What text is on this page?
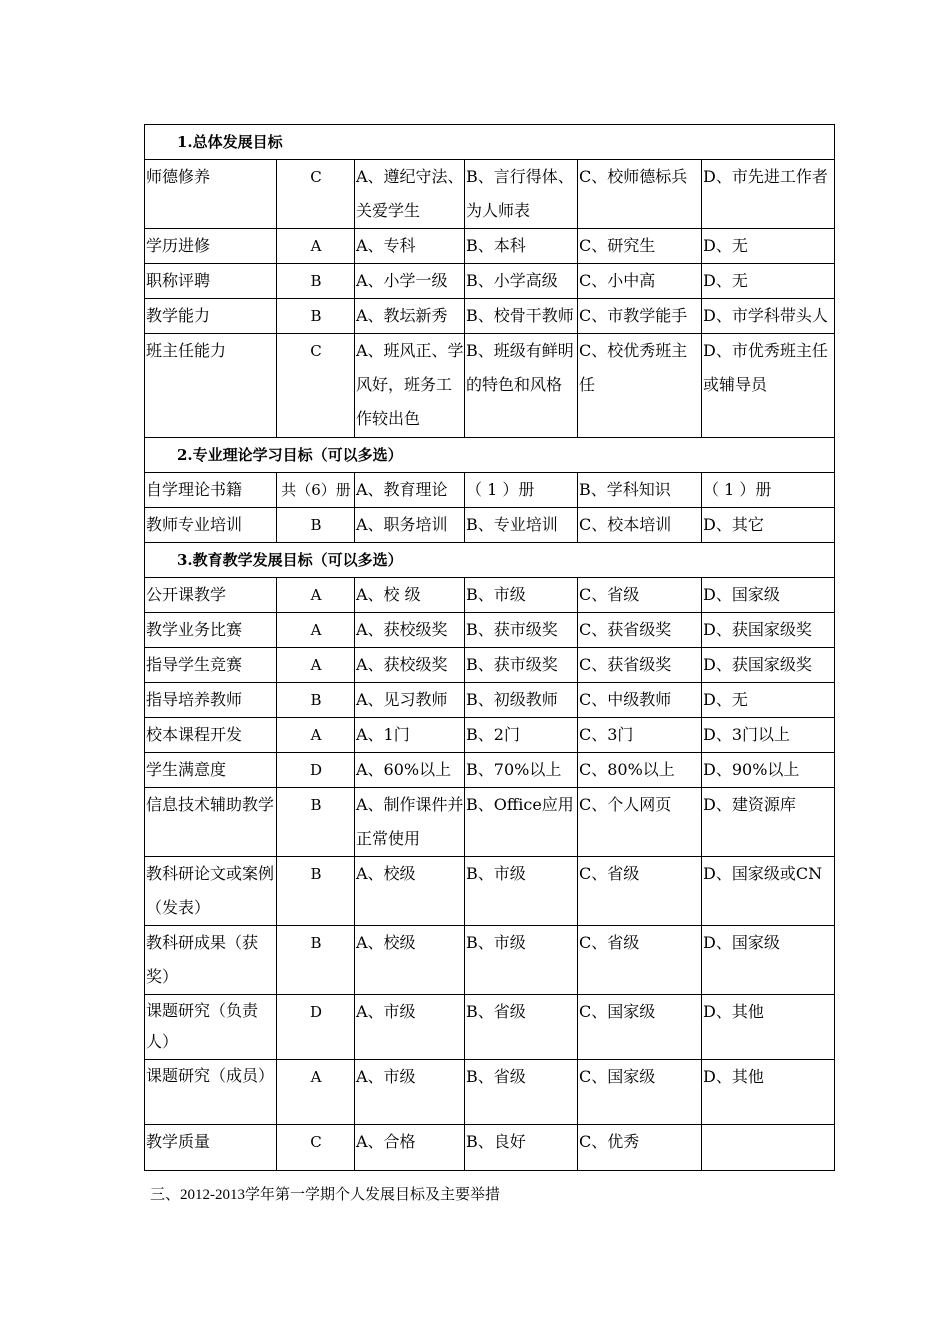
1.总体发展目标					
师德修养	C	A、遵纪守法、关爱学生	B、言行得体、为人师表	C、校师德标兵	D、市先进工作者
学历进修	A	A、专科	B、本科	C、研究生	D、无
职称评聘	B	A、小学一级	B、小学高级	C、小中高	D、无
教学能力	B	A、教坛新秀	B、校骨干教师	C、市教学能手	D、市学科带头人
班主任能力	C	A、班风正、学风好，班务工作较出色	B、班级有鲜明的特色和风格	C、校优秀班主任	D、市优秀班主任或辅导员
2.专业理论学习目标（可以多选）					
自学理论书籍	共（6）册	A、教育理论	（ 1 ）册	B、学科知识	（ 1 ）册
教师专业培训	B	A、职务培训	B、专业培训	C、校本培训	D、其它
3.教育教学发展目标（可以多选）					
公开课教学	A	A、校 级	B、市级	C、省级	D、国家级
教学业务比赛	A	A、获校级奖	B、获市级奖	C、获省级奖	D、获国家级奖
指导学生竞赛	A	A、获校级奖	B、获市级奖	C、获省级奖	D、获国家级奖
指导培养教师	B	A、见习教师	B、初级教师	C、中级教师	D、无
校本课程开发	A	A、1门	B、2门	C、3门	D、3门以上
学生满意度	D	A、60%以上	B、70%以上	C、80%以上	D、90%以上
信息技术辅助教学	B	A、制作课件并正常使用	B、Office应用	C、个人网页	D、建资源库
教科研论文或案例（发表）	B	A、校级	B、市级	C、省级	D、国家级或CN
教科研成果（获奖）	B	A、校级	B、市级	C、省级	D、国家级
课题研究（负责人）	D	A、市级	B、省级	C、国家级	D、其他
课题研究（成员）	A	A、市级	B、省级	C、国家级	D、其他
教学质量	C	A、合格	B、良好	C、优秀	
三、2012-2013学年第一学期个人发展目标及主要举措
